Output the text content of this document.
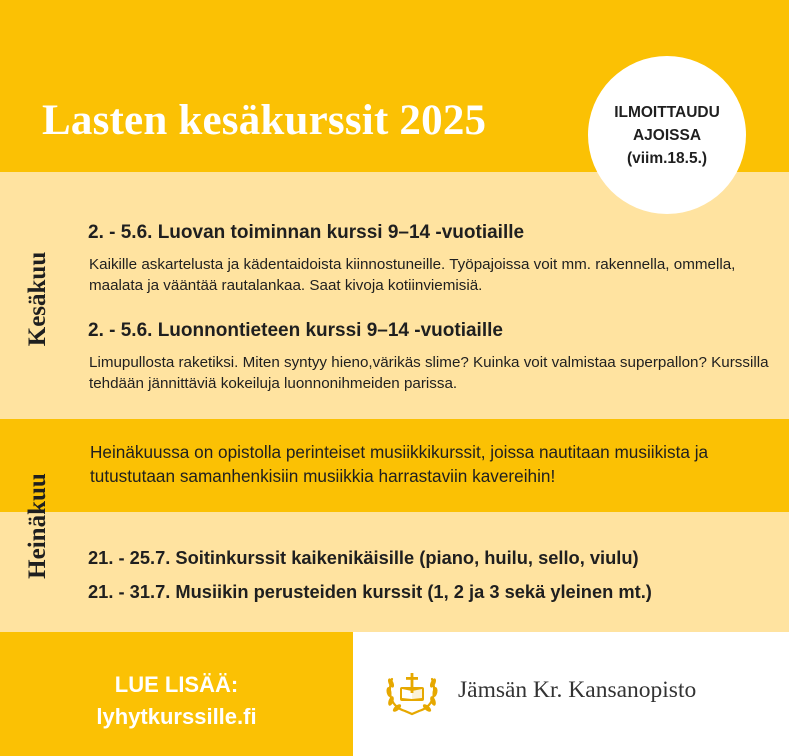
Lasten kesäkurssit 2025	ILMOITTAUDU
AJOISSA
(viim.18.5.)
Kesäkuu
2. - 5.6. Luovan toiminnan kurssi 9–14 -vuotiaille

Kaikille askartelusta ja kädentaidoista kiinnostuneille. Työpajoissa voit mm. rakennella, ommella, maalata ja vääntää rautalankaa. Saat kivoja kotiinviemisiä.

2. - 5.6. Luonnontieteen kurssi 9–14 -vuotiaille

Limupullosta raketiksi. Miten syntyy hieno,värikäs slime? Kuinka voit valmistaa superpallon? Kurssilla tehdään jännittäviä kokeiluja luonnonihmeiden parissa.

Heinäkuu

Heinäkuussa on opistolla perinteiset musiikkikurssit, joissa nautitaan musiikista ja tutustutaan samanhenkisiin musiikkia harrastaviin kavereihin!

21. - 25.7. Soitinkurssit kaikenikäisille (piano, huilu, sello, viulu)

21. - 31.7. Musiikin perusteiden kurssit (1, 2 ja 3 sekä yleinen mt.)

LUE LISÄÄ:
lyhytkurssille.fi
Jämsän Kr. Kansanopisto
